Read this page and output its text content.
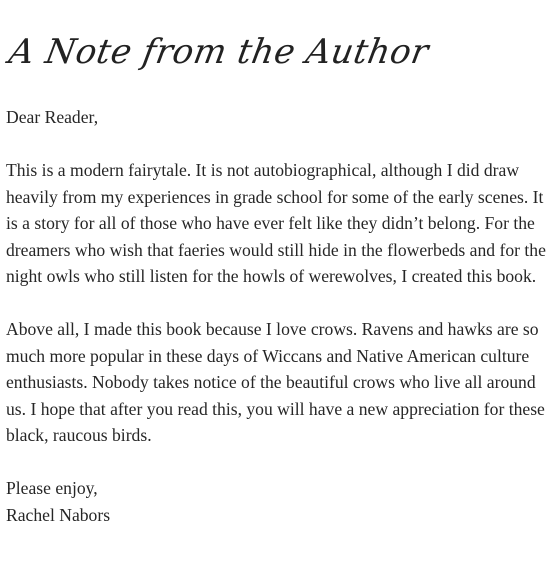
A Note from the Author

Dear Reader,

This is a modern fairytale. It is not autobiographical, although I did draw heavily from my experiences in grade school for some of the early scenes. It is a story for all of those who have ever felt like they didn’t belong. For the dreamers who wish that faeries would still hide in the flowerbeds and for the night owls who still listen for the howls of werewolves, I created this book.

Above all, I made this book because I love crows. Ravens and hawks are so much more popular in these days of Wiccans and Native American culture enthusiasts. Nobody takes notice of the beautiful crows who live all around us. I hope that after you read this, you will have a new appreciation for these black, raucous birds.

Please enjoy,

Rachel Nabors
